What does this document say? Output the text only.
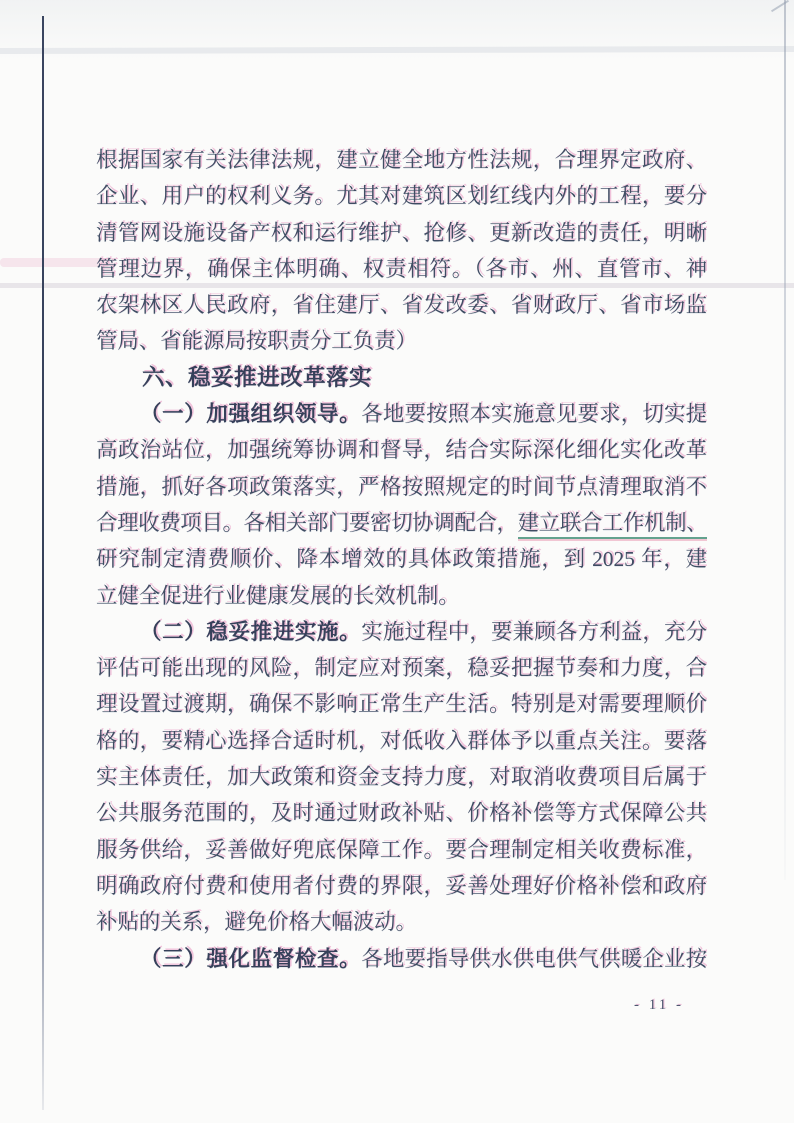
根据国家有关法律法规，建立健全地方性法规，合理界定政府、
企业、用户的权利义务。尤其对建筑区划红线内外的工程，要分
清管网设施设备产权和运行维护、抢修、更新改造的责任，明晰
管理边界，确保主体明确、权责相符。（各市、州、直管市、神
农架林区人民政府，省住建厅、省发改委、省财政厅、省市场监
管局、省能源局按职责分工负责）
六、稳妥推进改革落实
（一）加强组织领导。各地要按照本实施意见要求，切实提
高政治站位，加强统筹协调和督导，结合实际深化细化实化改革
措施，抓好各项政策落实，严格按照规定的时间节点清理取消不
合理收费项目。各相关部门要密切协调配合，建立联合工作机制、
研究制定清费顺价、降本增效的具体政策措施，到 2025 年，建
立健全促进行业健康发展的长效机制。
（二）稳妥推进实施。实施过程中，要兼顾各方利益，充分
评估可能出现的风险，制定应对预案，稳妥把握节奏和力度，合
理设置过渡期，确保不影响正常生产生活。特别是对需要理顺价
格的，要精心选择合适时机，对低收入群体予以重点关注。要落
实主体责任，加大政策和资金支持力度，对取消收费项目后属于
公共服务范围的，及时通过财政补贴、价格补偿等方式保障公共
服务供给，妥善做好兜底保障工作。要合理制定相关收费标准，
明确政府付费和使用者付费的界限，妥善处理好价格补偿和政府
补贴的关系，避免价格大幅波动。
（三）强化监督检查。各地要指导供水供电供气供暖企业按
- 11 -
